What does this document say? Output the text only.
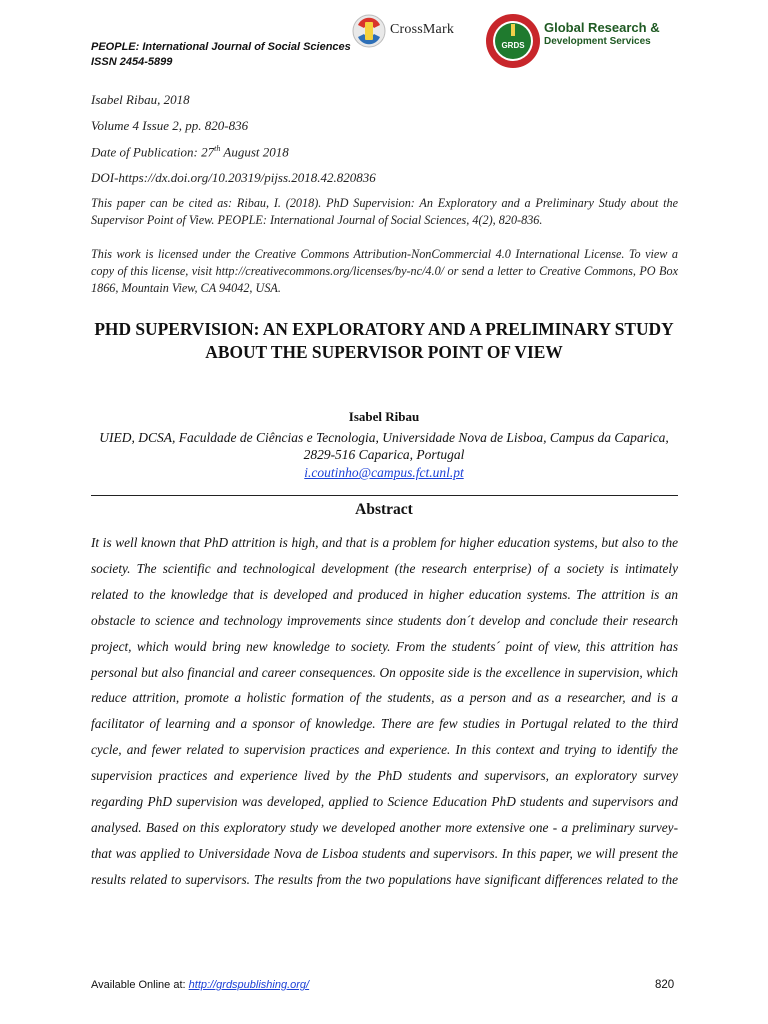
PEOPLE: International Journal of Social Sciences
ISSN 2454-5899
CrossMark
GRDS
Global Research &
Development Services
Isabel Ribau, 2018
Volume 4 Issue 2, pp. 820-836
Date of Publication: 27th August 2018
DOI-https://dx.doi.org/10.20319/pijss.2018.42.820836
This paper can be cited as: Ribau, I. (2018). PhD Supervision: An Exploratory and a Preliminary Study about the Supervisor Point of View. PEOPLE: International Journal of Social Sciences, 4(2), 820-836.
This work is licensed under the Creative Commons Attribution-NonCommercial 4.0 International License. To view a copy of this license, visit http://creativecommons.org/licenses/by-nc/4.0/ or send a letter to Creative Commons, PO Box 1866, Mountain View, CA 94042, USA.
PHD SUPERVISION: AN EXPLORATORY AND A PRELIMINARY STUDY ABOUT THE SUPERVISOR POINT OF VIEW
Isabel Ribau
UIED, DCSA, Faculdade de Ciências e Tecnologia, Universidade Nova de Lisboa, Campus da Caparica, 2829-516 Caparica, Portugal
i.coutinho@campus.fct.unl.pt
Abstract
It is well known that PhD attrition is high, and that is a problem for higher education systems, but also to the society. The scientific and technological development (the research enterprise) of a society is intimately related to the knowledge that is developed and produced in higher education systems. The attrition is an obstacle to science and technology improvements since students don´t develop and conclude their research project, which would bring new knowledge to society. From the students´ point of view, this attrition has personal but also financial and career consequences. On opposite side is the excellence in supervision, which reduce attrition, promote a holistic formation of the students, as a person and as a researcher, and is a facilitator of learning and a sponsor of knowledge. There are few studies in Portugal related to the third cycle, and fewer related to supervision practices and experience. In this context and trying to identify the supervision practices and experience lived by the PhD students and supervisors, an exploratory survey regarding PhD supervision was developed, applied to Science Education PhD students and supervisors and analysed. Based on this exploratory study we developed another more extensive one - a preliminary survey- that was applied to Universidade Nova de Lisboa students and supervisors. In this paper, we will present the results related to supervisors. The results from the two populations have significant differences related to the
Available Online at: http://grdspublishing.org/	820
